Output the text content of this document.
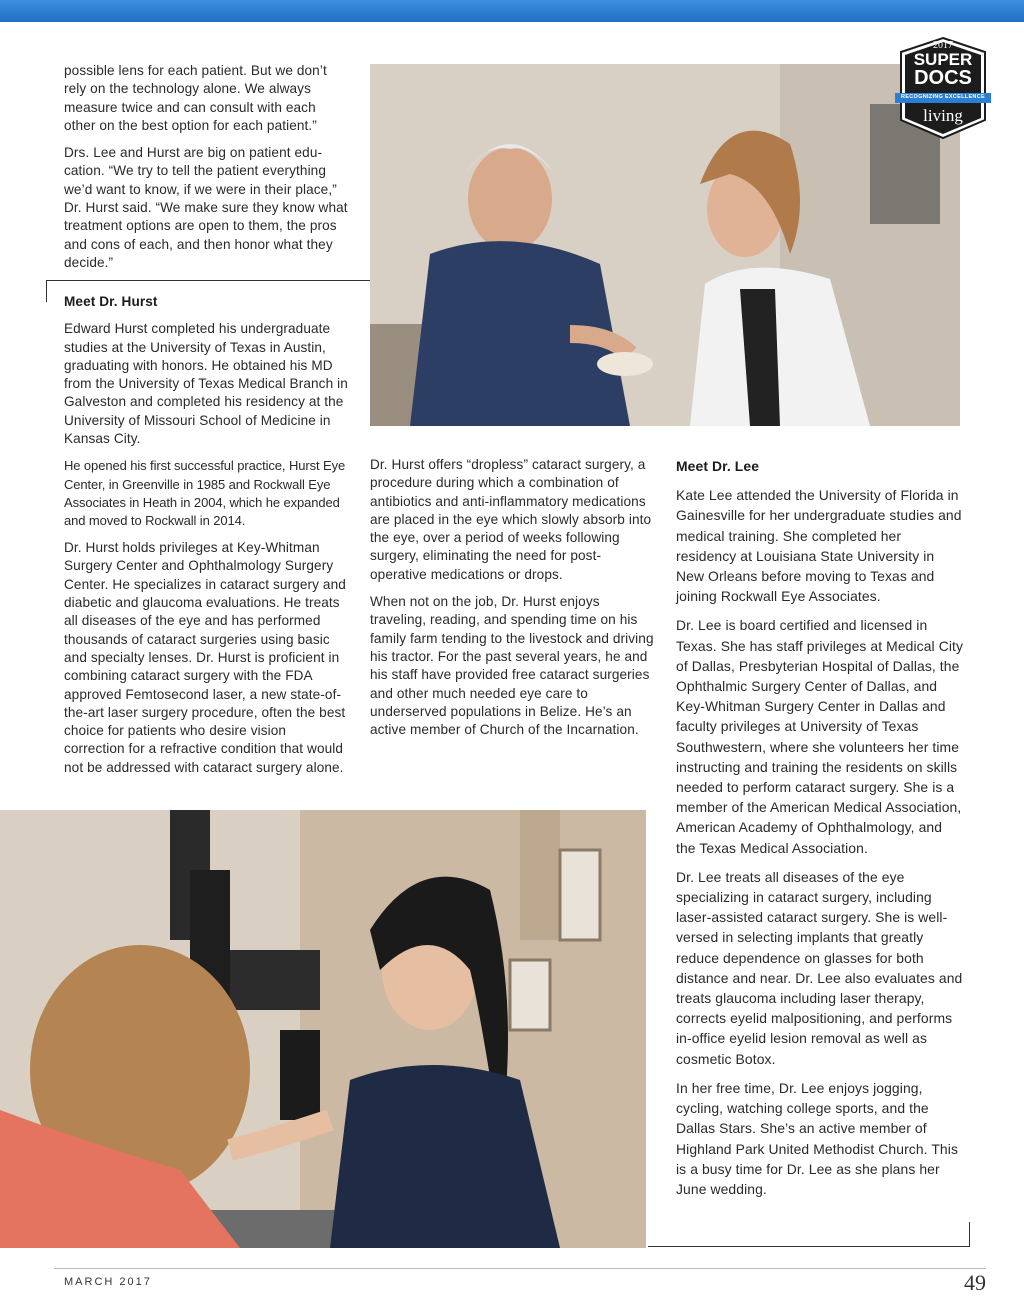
possible lens for each patient. But we don’t rely on the technology alone. We always measure twice and can consult with each other on the best option for each patient.”

Drs. Lee and Hurst are big on patient edu-cation. “We try to tell the patient everything we’d want to know, if we were in their place,” Dr. Hurst said. “We make sure they know what treatment options are open to them, the pros and cons of each, and then honor what they decide.”

Meet Dr. Hurst

Edward Hurst completed his undergraduate studies at the University of Texas in Austin, graduating with honors. He obtained his MD from the University of Texas Medical Branch in Galveston and completed his residency at the University of Missouri School of Medicine in Kansas City.

He opened his first successful practice, Hurst Eye Center, in Greenville in 1985 and Rockwall Eye Associates in Heath in 2004, which he expanded and moved to Rockwall in 2014.

Dr. Hurst holds privileges at Key-Whitman Surgery Center and Ophthalmology Surgery Center. He specializes in cataract surgery and diabetic and glaucoma evaluations. He treats all diseases of the eye and has performed thousands of cataract surgeries using basic and specialty lenses. Dr. Hurst is proficient in combining cataract surgery with the FDA approved Femtosecond laser, a new state-of-the-art laser surgery procedure, often the best choice for patients who desire vision correction for a refractive condition that would not be addressed with cataract surgery alone.

2017
SUPER
DOCS
RECOGNIZING EXCELLENCE
living

Dr. Hurst offers “dropless” cataract surgery, a procedure during which a combination of antibiotics and anti-inflammatory medications are placed in the eye which slowly absorb into the eye, over a period of weeks following surgery, eliminating the need for post-operative medications or drops.

When not on the job, Dr. Hurst enjoys traveling, reading, and spending time on his family farm tending to the livestock and driving his tractor. For the past several years, he and his staff have provided free cataract surgeries and other much needed eye care to underserved populations in Belize. He’s an active member of Church of the Incarnation.

Meet Dr. Lee

Kate Lee attended the University of Florida in Gainesville for her undergraduate studies and medical training. She completed her residency at Louisiana State University in New Orleans before moving to Texas and joining Rockwall Eye Associates.

Dr. Lee is board certified and licensed in Texas. She has staff privileges at Medical City of Dallas, Presbyterian Hospital of Dallas, the Ophthalmic Surgery Center of Dallas, and Key-Whitman Surgery Center in Dallas and faculty privileges at University of Texas Southwestern, where she volunteers her time instructing and training the residents on skills needed to perform cataract surgery. She is a member of the American Medical Association, American Academy of Ophthalmology, and the Texas Medical Association.

Dr. Lee treats all diseases of the eye specializing in cataract surgery, including laser-assisted cataract surgery. She is well-versed in selecting implants that greatly reduce dependence on glasses for both distance and near. Dr. Lee also evaluates and treats glaucoma including laser therapy, corrects eyelid malpositioning, and performs in-office eyelid lesion removal as well as cosmetic Botox.

In her free time, Dr. Lee enjoys jogging, cycling, watching college sports, and the Dallas Stars. She’s an active member of Highland Park United Methodist Church. This is a busy time for Dr. Lee as she plans her June wedding.

MARCH 2017	49
